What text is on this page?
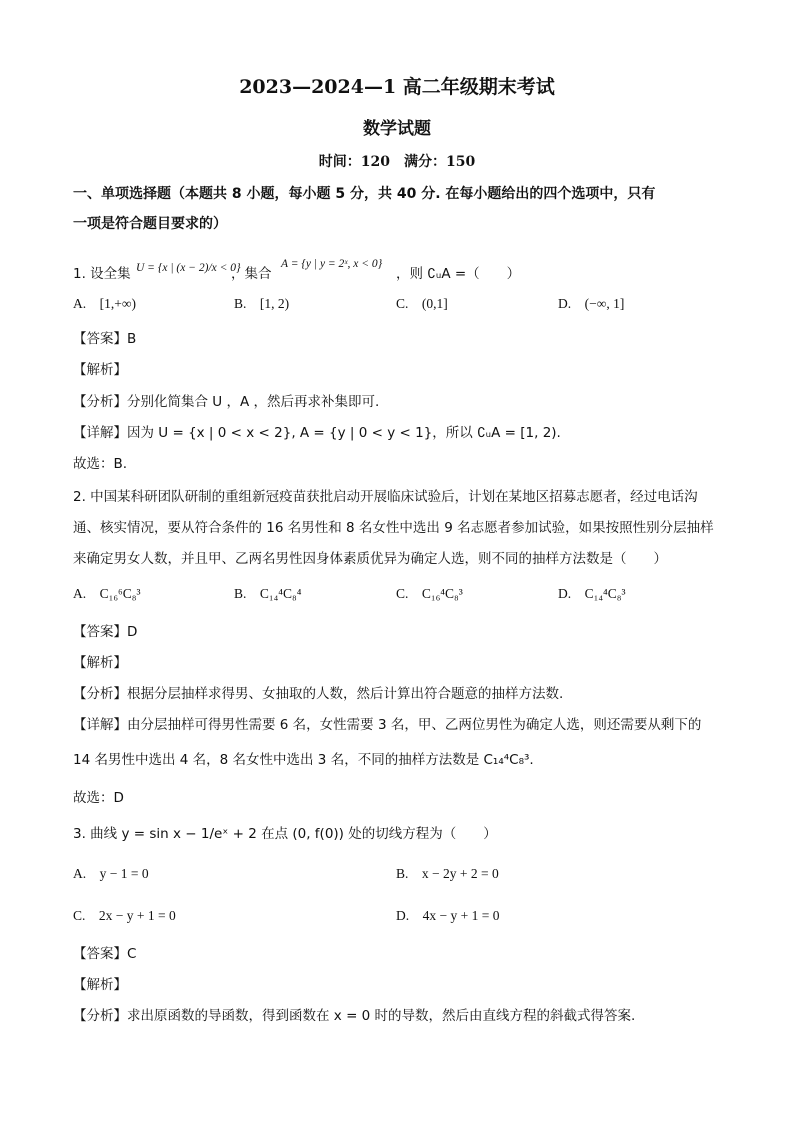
2023—2024—1 高二年级期末考试
数学试题
时间：120　满分：150
一、单项选择题（本题共 8 小题，每小题 5 分，共 40 分. 在每小题给出的四个选项中，只有
一项是符合题目要求的）
1. 设全集 U = {x | (x − 2)/x < 0}
，集合
A = {y | y = 2ˣ, x < 0}
，则 ∁ᵤA =（　　）
A.　[1,+∞)	B.　[1, 2)	C.　(0,1]	D.　(−∞, 1]
【答案】B
【解析】
【分析】分别化简集合 U ，A ，然后再求补集即可.
【详解】因为 U = {x | 0 < x < 2}, A = {y | 0 < y < 1}，所以 ∁ᵤA = [1, 2).
故选：B.
2. 中国某科研团队研制的重组新冠疫苗获批启动开展临床试验后，计划在某地区招募志愿者，经过电话沟
通、核实情况，要从符合条件的 16 名男性和 8 名女性中选出 9 名志愿者参加试验，如果按照性别分层抽样
来确定男女人数，并且甲、乙两名男性因身体素质优异为确定人选，则不同的抽样方法数是（　　）
A.　C₁₆⁶C₈³	B.　C₁₄⁴C₈⁴	C.　C₁₆⁴C₈³	D.　C₁₄⁴C₈³
【答案】D
【解析】
【分析】根据分层抽样求得男、女抽取的人数，然后计算出符合题意的抽样方法数.
【详解】由分层抽样可得男性需要 6 名，女性需要 3 名，甲、乙两位男性为确定人选，则还需要从剩下的
14 名男性中选出 4 名，8 名女性中选出 3 名，不同的抽样方法数是 C₁₄⁴C₈³.
故选：D
3. 曲线 y = sin x − 1/eˣ + 2 在点 (0, f(0)) 处的切线方程为（　　）
A.　y − 1 = 0	B.　x − 2y + 2 = 0
C.　2x − y + 1 = 0	D.　4x − y + 1 = 0
【答案】C
【解析】
【分析】求出原函数的导函数，得到函数在 x = 0 时的导数，然后由直线方程的斜截式得答案.
